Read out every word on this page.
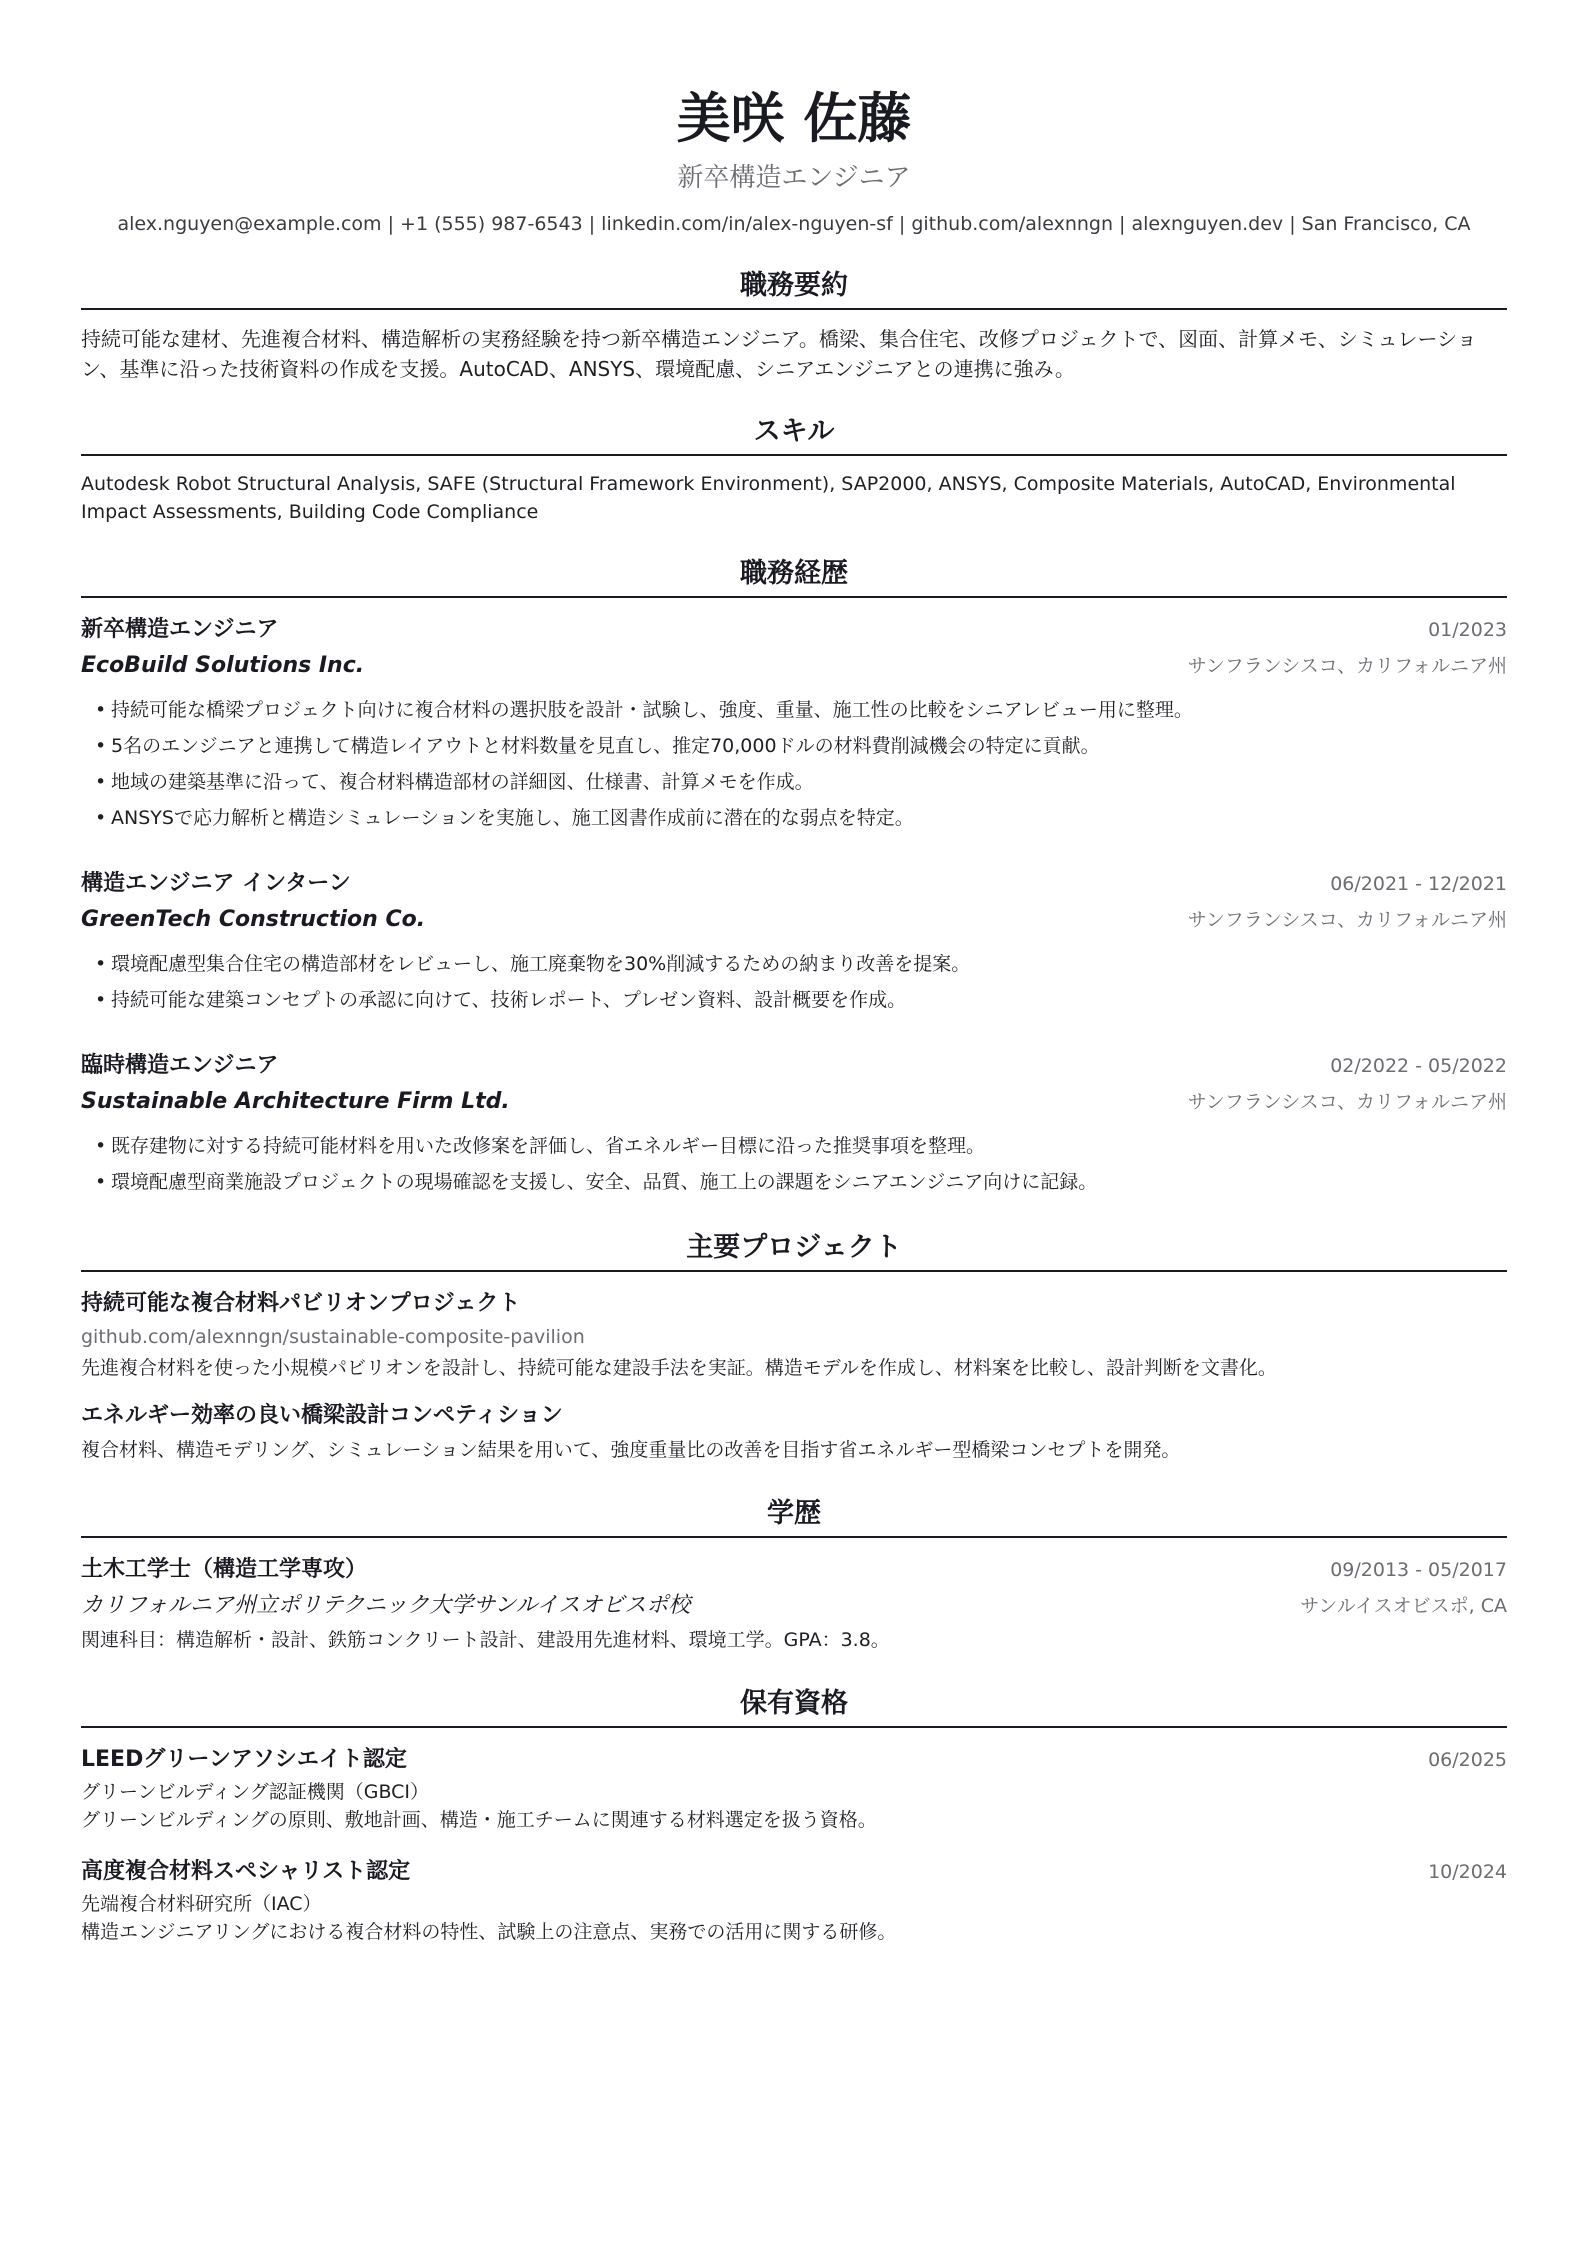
美咲 佐藤
新卒構造エンジニア
alex.nguyen@example.com | +1 (555) 987-6543 | linkedin.com/in/alex-nguyen-sf | github.com/alexnngn | alexnguyen.dev | San Francisco, CA
職務要約
持続可能な建材、先進複合材料、構造解析の実務経験を持つ新卒構造エンジニア。橋梁、集合住宅、改修プロジェクトで、図面、計算メモ、シミュレーション、基準に沿った技術資料の作成を支援。AutoCAD、ANSYS、環境配慮、シニアエンジニアとの連携に強み。
スキル
Autodesk Robot Structural Analysis, SAFE (Structural Framework Environment), SAP2000, ANSYS, Composite Materials, AutoCAD, Environmental Impact Assessments, Building Code Compliance
職務経歴
新卒構造エンジニア	01/2023
EcoBuild Solutions Inc.	サンフランシスコ、カリフォルニア州
• 持続可能な橋梁プロジェクト向けに複合材料の選択肢を設計・試験し、強度、重量、施工性の比較をシニアレビュー用に整理。
• 5名のエンジニアと連携して構造レイアウトと材料数量を見直し、推定70,000ドルの材料費削減機会の特定に貢献。
• 地域の建築基準に沿って、複合材料構造部材の詳細図、仕様書、計算メモを作成。
• ANSYSで応力解析と構造シミュレーションを実施し、施工図書作成前に潜在的な弱点を特定。
構造エンジニア インターン	06/2021 - 12/2021
GreenTech Construction Co.	サンフランシスコ、カリフォルニア州
• 環境配慮型集合住宅の構造部材をレビューし、施工廃棄物を30%削減するための納まり改善を提案。
• 持続可能な建築コンセプトの承認に向けて、技術レポート、プレゼン資料、設計概要を作成。
臨時構造エンジニア	02/2022 - 05/2022
Sustainable Architecture Firm Ltd.	サンフランシスコ、カリフォルニア州
• 既存建物に対する持続可能材料を用いた改修案を評価し、省エネルギー目標に沿った推奨事項を整理。
• 環境配慮型商業施設プロジェクトの現場確認を支援し、安全、品質、施工上の課題をシニアエンジニア向けに記録。
主要プロジェクト
持続可能な複合材料パビリオンプロジェクト
github.com/alexnngn/sustainable-composite-pavilion
先進複合材料を使った小規模パビリオンを設計し、持続可能な建設手法を実証。構造モデルを作成し、材料案を比較し、設計判断を文書化。
エネルギー効率の良い橋梁設計コンペティション
複合材料、構造モデリング、シミュレーション結果を用いて、強度重量比の改善を目指す省エネルギー型橋梁コンセプトを開発。
学歴
土木工学士（構造工学専攻）	09/2013 - 05/2017
カリフォルニア州立ポリテクニック大学サンルイスオビスポ校	サンルイスオビスポ, CA
関連科目：構造解析・設計、鉄筋コンクリート設計、建設用先進材料、環境工学。GPA：3.8。
保有資格
LEEDグリーンアソシエイト認定	06/2025
グリーンビルディング認証機関（GBCI）
グリーンビルディングの原則、敷地計画、構造・施工チームに関連する材料選定を扱う資格。
高度複合材料スペシャリスト認定	10/2024
先端複合材料研究所（IAC）
構造エンジニアリングにおける複合材料の特性、試験上の注意点、実務での活用に関する研修。
